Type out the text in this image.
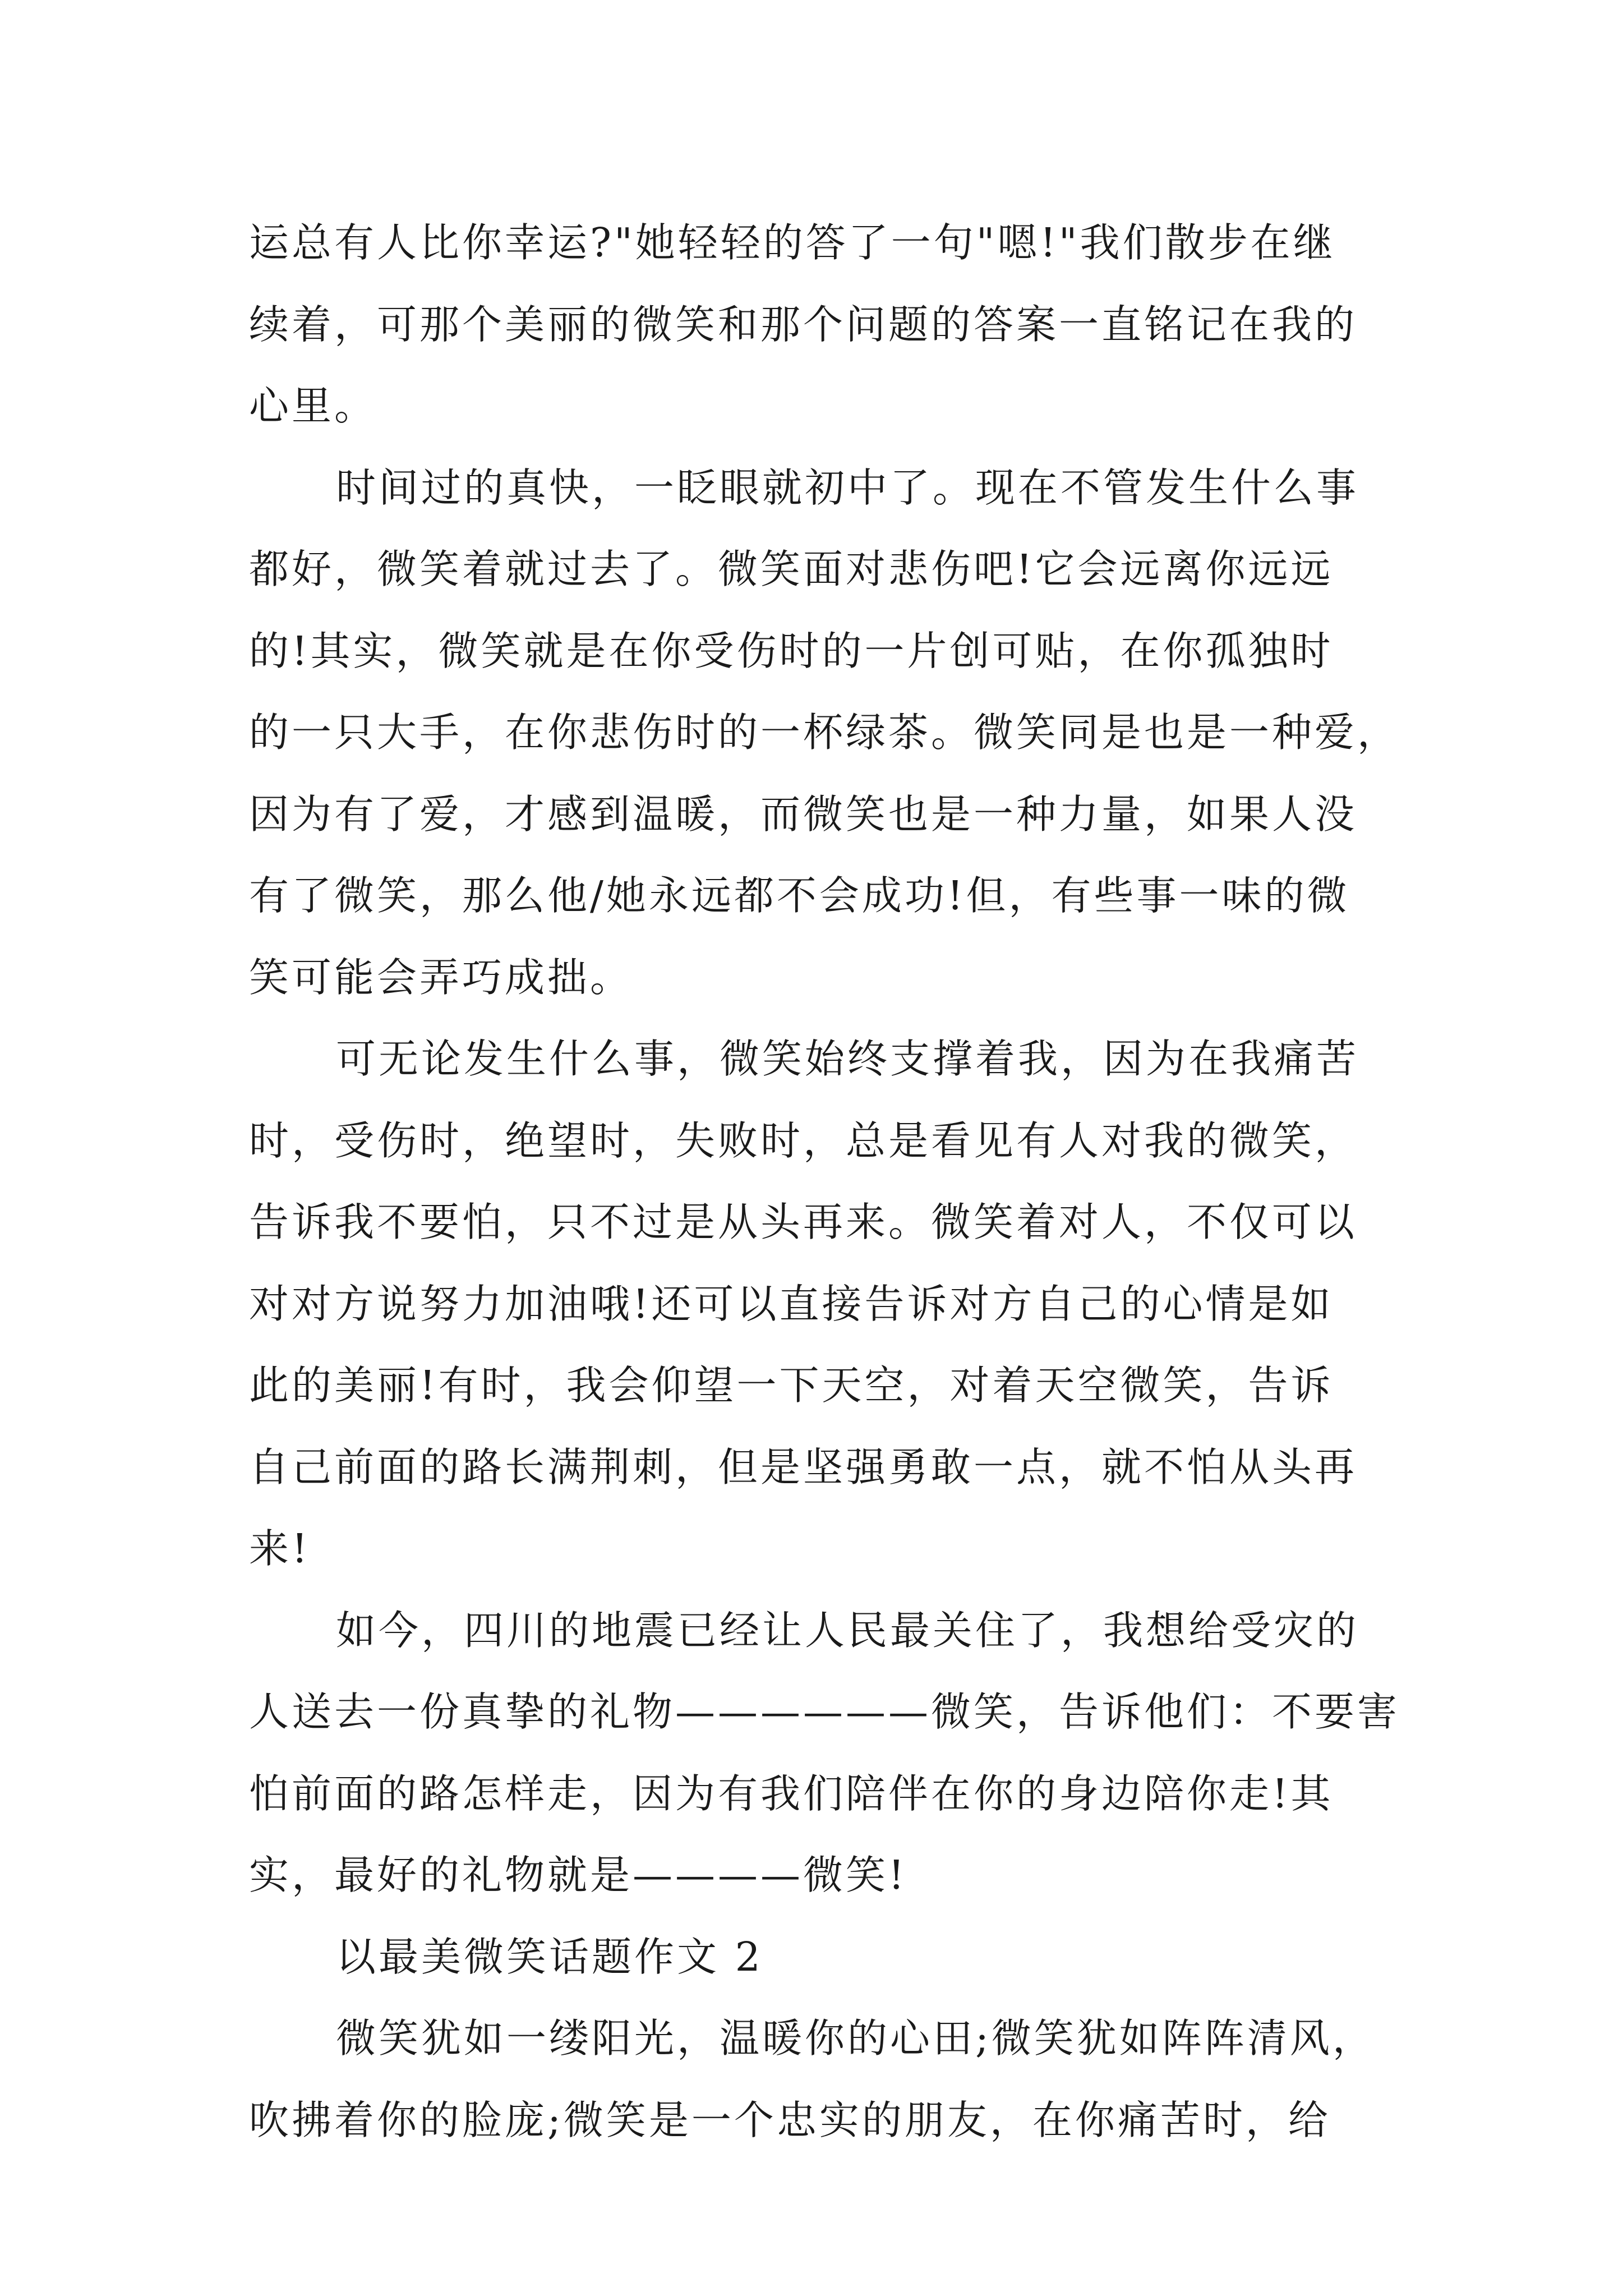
运总有人比你幸运?"她轻轻的答了一句"嗯!"我们散步在继
续着，可那个美丽的微笑和那个问题的答案一直铭记在我的
心里。
时间过的真快，一眨眼就初中了。现在不管发生什么事
都好，微笑着就过去了。微笑面对悲伤吧!它会远离你远远
的!其实，微笑就是在你受伤时的一片创可贴，在你孤独时
的一只大手，在你悲伤时的一杯绿茶。微笑同是也是一种爱，
因为有了爱，才感到温暖，而微笑也是一种力量，如果人没
有了微笑，那么他/她永远都不会成功!但，有些事一味的微
笑可能会弄巧成拙。
可无论发生什么事，微笑始终支撑着我，因为在我痛苦
时，受伤时，绝望时，失败时，总是看见有人对我的微笑，
告诉我不要怕，只不过是从头再来。微笑着对人，不仅可以
对对方说努力加油哦!还可以直接告诉对方自己的心情是如
此的美丽!有时，我会仰望一下天空，对着天空微笑，告诉
自己前面的路长满荆刺，但是坚强勇敢一点，就不怕从头再
来!
如今，四川的地震已经让人民最关住了，我想给受灾的
人送去一份真挚的礼物——————微笑，告诉他们：不要害
怕前面的路怎样走，因为有我们陪伴在你的身边陪你走!其
实，最好的礼物就是————微笑!
以最美微笑话题作文 2
微笑犹如一缕阳光，温暖你的心田;微笑犹如阵阵清风，
吹拂着你的脸庞;微笑是一个忠实的朋友，在你痛苦时，给
